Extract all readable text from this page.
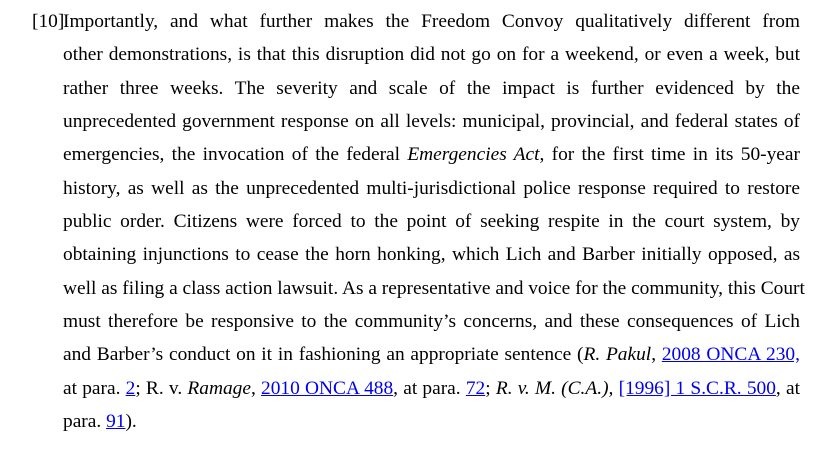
[10]
Importantly, and what further makes the Freedom Convoy qualitatively different from
other demonstrations, is that this disruption did not go on for a weekend, or even a week, but
rather three weeks. The severity and scale of the impact is further evidenced by the
unprecedented government response on all levels: municipal, provincial, and federal states of
emergencies, the invocation of the federal Emergencies Act, for the first time in its 50-year
history, as well as the unprecedented multi-jurisdictional police response required to restore
public order. Citizens were forced to the point of seeking respite in the court system, by
obtaining injunctions to cease the horn honking, which Lich and Barber initially opposed, as
well as filing a class action lawsuit. As a representative and voice for the community, this Court
must therefore be responsive to the community’s concerns, and these consequences of Lich
and Barber’s conduct on it in fashioning an appropriate sentence (R. Pakul, 2008 ONCA 230,
at para. 2; R. v. Ramage, 2010 ONCA 488, at para. 72; R. v. M. (C.A.), [1996] 1 S.C.R. 500, at
para. 91).
